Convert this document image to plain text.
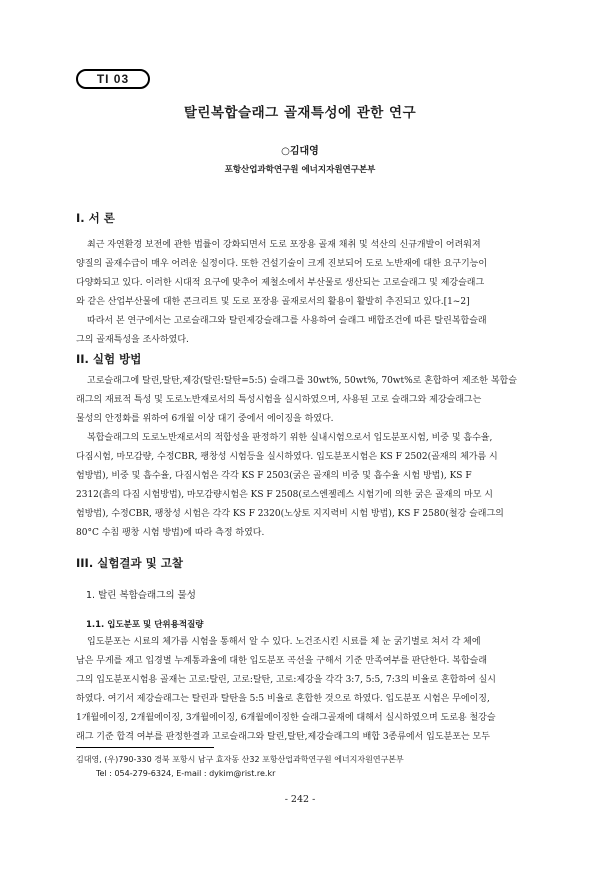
TI 03
탈린복합슬래그 골재특성에 관한 연구
○김대영
포항산업과학연구원 에너지자원연구본부
I. 서 론
최근 자연환경 보전에 관한 법률이 강화되면서 도로 포장용 골재 채취 및 석산의 신규개발이 어려워져
양질의 골재수급이 매우 어려운 실정이다. 또한 건설기술이 크게 진보되어 도로 노반재에 대한 요구기능이
다양화되고 있다. 이러한 시대적 요구에 맞추어 제철소에서 부산물로 생산되는 고로슬래그 및 제강슬래그
와 같은 산업부산물에 대한 콘크리트 및 도로 포장용 골재로서의 활용이 활발히 추진되고 있다.[1~2]
따라서 본 연구에서는 고로슬래그와 탈린제강슬래그를 사용하여 슬래그 배합조건에 따른 탈린복합슬래
그의 골재특성을 조사하였다.
II. 실험 방법
고로슬래그에 탈린,탈탄,제강(탈린:탈탄=5:5) 슬래그를 30wt%, 50wt%, 70wt%로 혼합하여 제조한 복합슬
래그의 재료적 특성 및 도로노반재로서의 특성시험을 실시하였으며, 사용된 고로 슬래그와 제강슬래그는
물성의 안정화를 위하여 6개월 이상 대기 중에서 에이징을 하였다.
복합슬래그의 도로노반재로서의 적합성을 판정하기 위한 실내시험으로서 입도분포시험, 비중 및 흡수율,
다짐시험, 마모감량, 수정CBR, 팽창성 시험등을 실시하였다. 입도분포시험은 KS F 2502(골재의 체가름 시
험방법), 비중 및 흡수율, 다짐시험은 각각 KS F 2503(굵은 골재의 비중 및 흡수율 시험 방법), KS F
2312(흙의 다짐 시험방법), 마모감량시험은 KS F 2508(로스엔젤레스 시험기에 의한 굵은 골재의 마모 시
험방법), 수정CBR, 팽창성 시험은 각각 KS F 2320(노상토 지지력비 시험 방법), KS F 2580(철강 슬래그의
80°C 수침 팽창 시험 방법)에 따라 측정 하였다.
III. 실험결과 및 고찰
1. 탈린 복합슬래그의 물성
1.1. 입도분포 및 단위용적질량
입도분포는 시료의 체가름 시험을 통해서 알 수 있다. 노건조시킨 시료를 체 눈 굵기별로 쳐서 각 체에
남은 무게를 재고 입경별 누계통과율에 대한 입도분포 곡선을 구해서 기준 만족여부를 판단한다. 복합슬래
그의 입도분포시험용 골재는 고로:탈린, 고로:탈탄, 고로:제강을 각각 3:7, 5:5, 7:3의 비율로 혼합하여 실시
하였다. 여기서 제강슬래그는 탈린과 탈탄을 5:5 비율로 혼합한 것으로 하였다. 입도분포 시험은 무에이징,
1개월에이징, 2개월에이징, 3개월에이징, 6개월에이징한 슬래그골재에 대해서 실시하였으며 도로용 철강슬
래그 기준 합격 여부를 판정한결과 고로슬래그와 탈린,탈탄,제강슬래그의 배합 3종류에서 입도분포는 모두
김대영, (우)790-330 경북 포항시 남구 효자동 산32 포항산업과학연구원 에너지자원연구본부
Tel : 054-279-6324, E-mail : dykim@rist.re.kr
- 242 -
